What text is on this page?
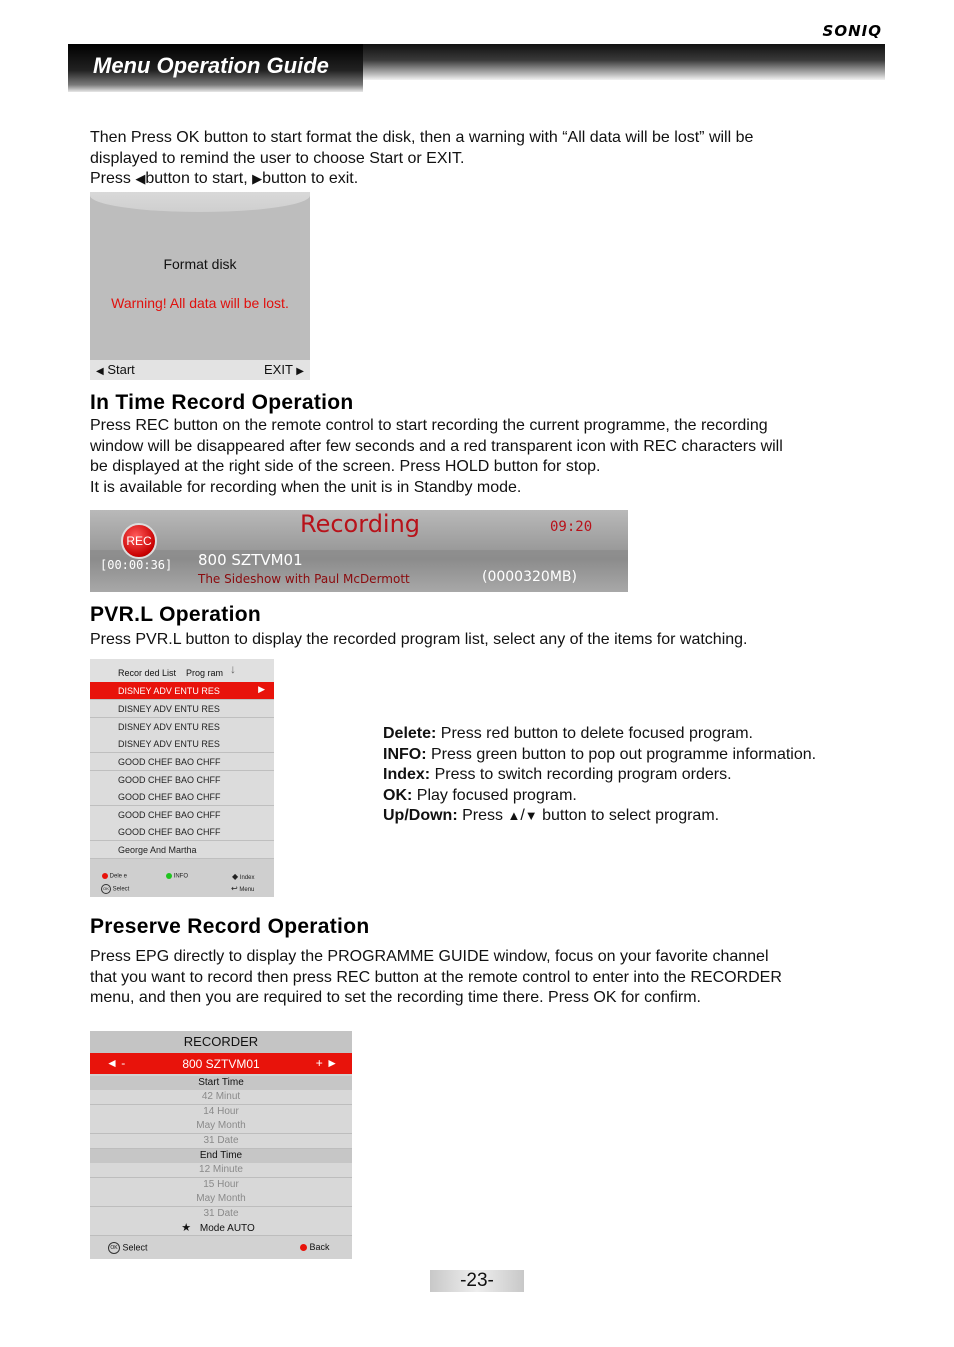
SONIQ
Menu Operation Guide

Then Press OK button to start format the disk, then a warning with “All data will be lost” will be

displayed to remind the user to choose Start or EXIT.

Press ◀button to start, ▶button to exit.

Format disk
Warning! All data will be lost.
◀ Start	EXIT ▶
In Time Record Operation

Press REC button on the remote control to start recording the current programme, the recording

window will be disappeared after few seconds and a red transparent icon with REC characters will

be displayed at the right side of the screen. Press HOLD button for stop.

It is available for recording when the unit is in Standby mode.

REC
Recording	09:20
[00:00:36] 800 SZTVM01
The Sideshow with Paul McDermott	(0000320MB)
PVR.L Operation
Press PVR.L button to display the recorded program list, select any of the items for watching.
Recor ded List Prog ram ↓
DISNEY ADV ENTU RES	▶
DISNEY ADV ENTU RES
DISNEY ADV ENTU RES
DISNEY ADV ENTU RES
GOOD CHEF BAO CHFF
GOOD CHEF BAO CHFF
GOOD CHEF BAO CHFF
GOOD CHEF BAO CHFF
GOOD CHEF BAO CHFF
George And Martha
Dele e	INFO	◆ Index
OK Select	↩ Menu

Delete: Press red button to delete focused program.

INFO: Press green button to pop out programme information.

Index: Press to switch recording program orders.

OK: Play focused program.

Up/Down: Press ▲/▼ button to select program.

Preserve Record Operation

Press EPG directly to display the PROGRAMME GUIDE window, focus on your favorite channel

that you want to record then press REC button at the remote control to enter into the RECORDER

menu, and then you are required to set the recording time there. Press OK for confirm.

RECORDER
◄ -	800 SZTVM01	+ ►
Start Time
42 Minut
14 Hour
May Month
31 Date
End Time
12 Minute
15 Hour
May Month
31 Date
★ Mode AUTO
OK Select	Back
-23-
